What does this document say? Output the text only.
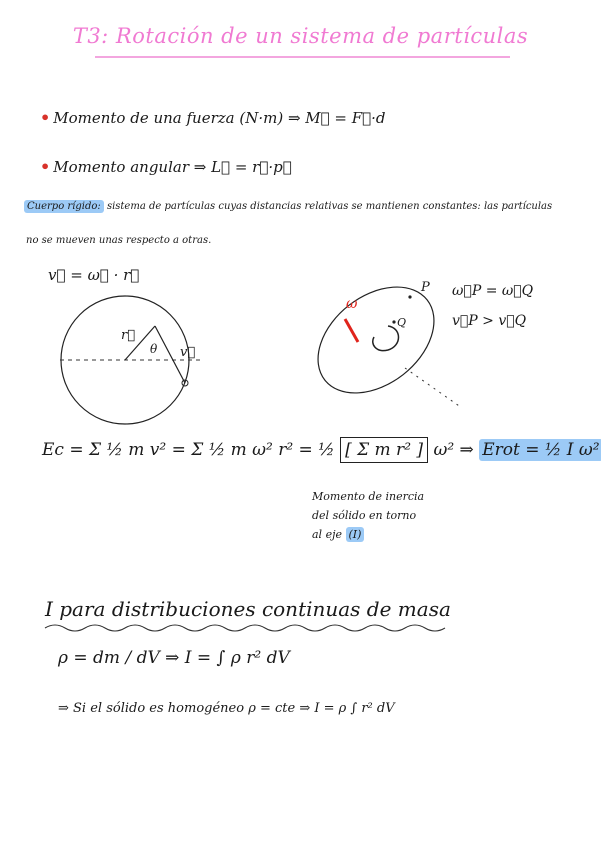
T3: Rotación de un sistema de partículas
• Momento de una fuerza (N·m) ⇒ M⃗ = F⃗·d
• Momento angular ⇒ L⃗ = r⃗·p⃗
Cuerpo rígido: sistema de partículas cuyas distancias relativas se mantienen constantes: las partículas
no se mueven unas respecto a otras.
v⃗ = ω⃗ · r⃗
r⃗
θ v⃗
P
ω
Q
ω⃗P = ω⃗Q
v⃗P > v⃗Q
Ec = Σ ½ m v² = Σ ½ m ω² r² = ½ [ Σ m r² ] ω² ⇒ Erot = ½ I ω²
Momento de inercia
del sólido en torno
al eje (I)
I para distribuciones continuas de masa
ρ = dm / dV ⇒ I = ∫ ρ r² dV
⇒ Si el sólido es homogéneo ρ = cte ⇒ I = ρ ∫ r² dV
